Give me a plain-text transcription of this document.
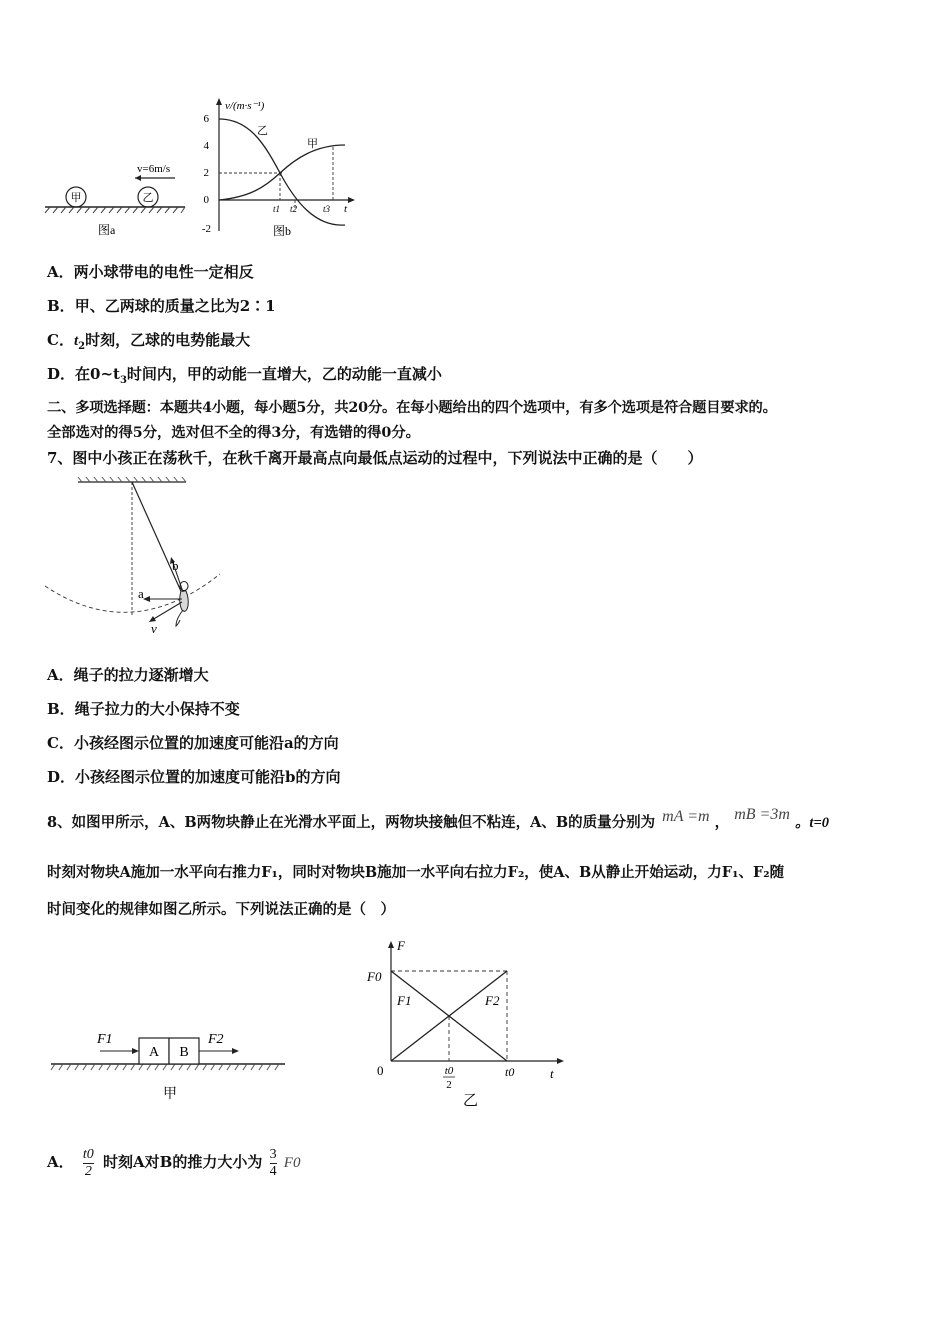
甲	乙
v=6m/s
图a
v/(m·s⁻¹)
t
6
4
2
0
-2
乙
甲
t1 t2	t3
图b
A．两小球带电的电性一定相反
B．甲、乙两球的质量之比为2∶1
C．$t_2$时刻，乙球的电势能最大
D．在$0\sim t_3$时间内，甲的动能一直增大，乙的动能一直减小
二、多项选择题：本题共4小题，每小题5分，共20分。在每小题给出的四个选项中，有多个选项是符合题目要求的。
全部选对的得5分，选对但不全的得3分，有选错的得0分。
7、图中小孩正在荡秋千，在秋千离开最高点向最低点运动的过程中，下列说法中正确的是（　　）
b
a
v
A．绳子的拉力逐渐增大
B．绳子拉力的大小保持不变
C．小孩经图示位置的加速度可能沿a的方向
D．小孩经图示位置的加速度可能沿b的方向
8、如图甲所示，A、B两物块静止在光滑水平面上，两物块接触但不粘连，A、B的质量分别为 mA =m ， mB =3m 。t=0
时刻对物块A施加一水平向右推力F₁，同时对物块B施加一水平向右拉力F₂，使A、B从静止开始运动，力F₁、F₂随
时间变化的规律如图乙所示。下列说法正确的是（　）
A B
F1	F2
甲
F
t
F0
0
F1	F2
t0
2
t0
乙
A． $\frac{t0}{2}$ 时刻A对B的推力大小为 $\frac{3}{4} F0$
